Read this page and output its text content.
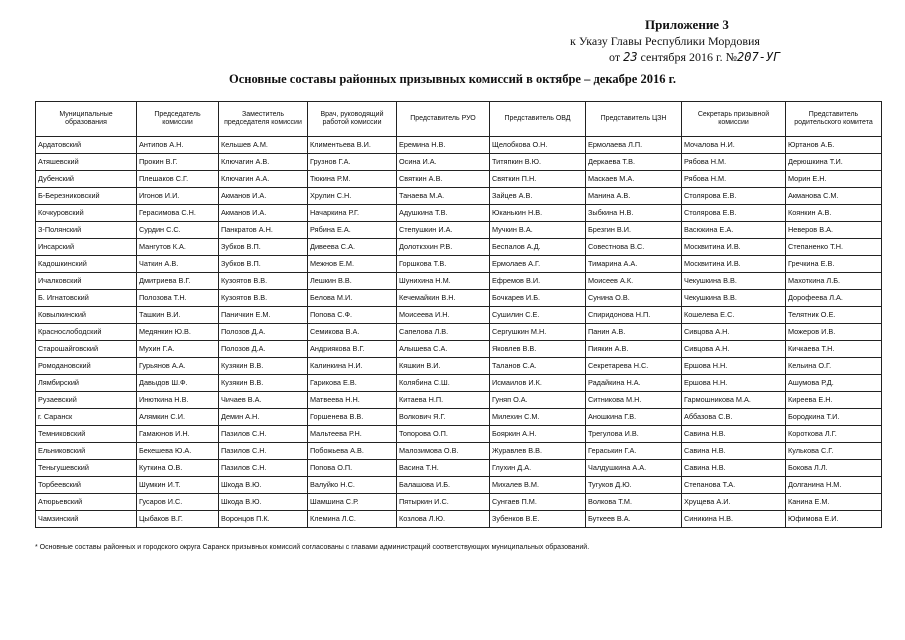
Приложение 3
к Указу Главы Республики Мордовия
от 23 сентября 2016 г. №207-УГ
Основные составы районных призывных комиссий в октябре – декабре 2016 г.
Муниципальные образования	Председатель комиссии	Заместитель председателя комиссии	Врач, руководящий работой комиссии	Представитель РУО	Представитель ОВД	Представитель ЦЗН	Секретарь призывной комиссии	Представитель родительского комитета
Ардатовский	Антипов А.Н.	Кельшев А.М.	Климентьева В.И.	Еремина Н.В.	Щелобкова О.Н.	Ермолаева Л.П.	Мочалова Н.И.	Юртанов А.Б.
Атяшевский	Прокин В.Г.	Ключагин А.В.	Грузнов Г.А.	Осина И.А.	Титяпкин В.Ю.	Деркаева Т.В.	Рябова Н.М.	Дерюшкина Т.И.
Дубенский	Плешаков С.Г.	Ключагин А.А.	Тюкина Р.М.	Святкин А.В.	Святкин П.Н.	Маскаев М.А.	Рябова Н.М.	Морин Е.Н.
Б-Березниковский	Игонов И.И.	Акманов И.А.	Хрулин С.Н.	Танаева М.А.	Зайцев А.В.	Манина А.В.	Столярова Е.В.	Акманова С.М.
Кочкуровский	Герасимова С.Н.	Акманов И.А.	Начаркина Р.Г.	Адушкина Т.В.	Юканькин Н.В.	Зыбкина Н.В.	Столярова Е.В.	Коянкин А.В.
З-Полянский	Сурдин С.С.	Панкратов А.Н.	Рябина Е.А.	Степушкин И.А.	Мучкин В.А.	Брезгин В.И.	Васюкина Е.А.	Неверов В.А.
Инсарский	Мангутов К.А.	Зубков В.П.	Дивеева С.А.	Долоткзхин Р.В.	Беспалов А.Д.	Совестнова В.С.	Москвитина И.В.	Степаненко Т.Н.
Кадошкинский	Чаткин А.В.	Зубков В.П.	Межнов Е.М.	Горшкова Т.В.	Ермолаев А.Г.	Тимарина А.А.	Москвитина И.В.	Гречкина Е.В.
Ичалковский	Дмитриева В.Г.	Кузоятов В.В.	Лешкин В.В.	Шунихина Н.М.	Ефремов В.И.	Моисеев А.К.	Чекушкина В.В.	Махоткина Л.Б.
Б. Игнатовский	Полозова Т.Н.	Кузоятов В.В.	Белова М.И.	Кечемайкин В.Н.	Бочкарев И.Б.	Сунина О.В.	Чекушкина В.В.	Дорофеева Л.А.
Ковылкинский	Ташкин В.И.	Паничкин Е.М.	Попова С.Ф.	Моисеева И.Н.	Сушилин С.Е.	Спиридонова Н.П.	Кошелева Е.С.	Телятник О.Е.
Краснослободский	Медянкин Ю.В.	Полозов Д.А.	Семикова В.А.	Сапелова Л.В.	Сергушкин М.Н.	Панин А.В.	Сивцова А.Н.	Можеров И.В.
Старошайговский	Мухин Г.А.	Полозов Д.А.	Андриякова В.Г.	Алышева С.А.	Яковлев В.В.	Пиякин А.В.	Сивцова А.Н.	Кичкаева Т.Н.
Ромодановский	Гурьянов А.А.	Кузякин В.В.	Калинкина Н.И.	Кяшкин В.И.	Таланов С.А.	Секретарева Н.С.	Ершова Н.Н.	Кельина О.Г.
Лямбирский	Давыдов Ш.Ф.	Кузякин В.В.	Гарикова Е.В.	Колябина С.Ш.	Исмаилов И.К.	Радайкина Н.А.	Ершова Н.Н.	Ашумова Р.Д.
Рузаевский	Инюткина Н.В.	Чичаев В.А.	Матвеева Н.Н.	Китаева Н.П.	Гуняп О.А.	Ситникова М.Н.	Гармошникова М.А.	Киреева Е.Н.
г. Саранск	Алямкин С.И.	Демин А.Н.	Горшенева В.В.	Волкович Я.Г.	Милехин С.М.	Аношкина Г.В.	Аббазова С.В.	Бородкина Т.И.
Темниковский	Гамаюнов И.Н.	Пазилов С.Н.	Мальтеева Р.Н.	Топорова О.П.	Бояркин А.Н.	Трегулова И.В.	Савина Н.В.	Короткова Л.Г.
Ельниковский	Бекешева Ю.А.	Пазилов С.Н.	Побожьева А.В.	Малозимова О.В.	Журавлев В.В.	Гераськин Г.А.	Савина Н.В.	Кулькова С.Г.
Теньгушевский	Куткина О.В.	Пазилов С.Н.	Попова О.П.	Васина Т.Н.	Глухин Д.А.	Чалдушкина А.А.	Савина Н.В.	Бокова Л.Л.
Торбеевский	Шумкин И.Т.	Шкода В.Ю.	Валуйко Н.С.	Балашова И.Б.	Михалев В.М.	Тугуков Д.Ю.	Степанова Т.А.	Долганина Н.М.
Атюрьевский	Гусаров И.С.	Шкода В.Ю.	Шамшина С.Р.	Пятыркин И.С.	Сунгаев П.М.	Волкова Т.М.	Хрущева А.И.	Канина Е.М.
Чамзинский	Цыбаков В.Г.	Воронцов П.К.	Клемина Л.С.	Козлова Л.Ю.	Зубенков В.Е.	Буткеев В.А.	Синикина Н.В.	Юфимова Е.И.
* Основные составы районных и городского округа Саранск призывных комиссий согласованы с главами администраций соответствующих муниципальных образований.
